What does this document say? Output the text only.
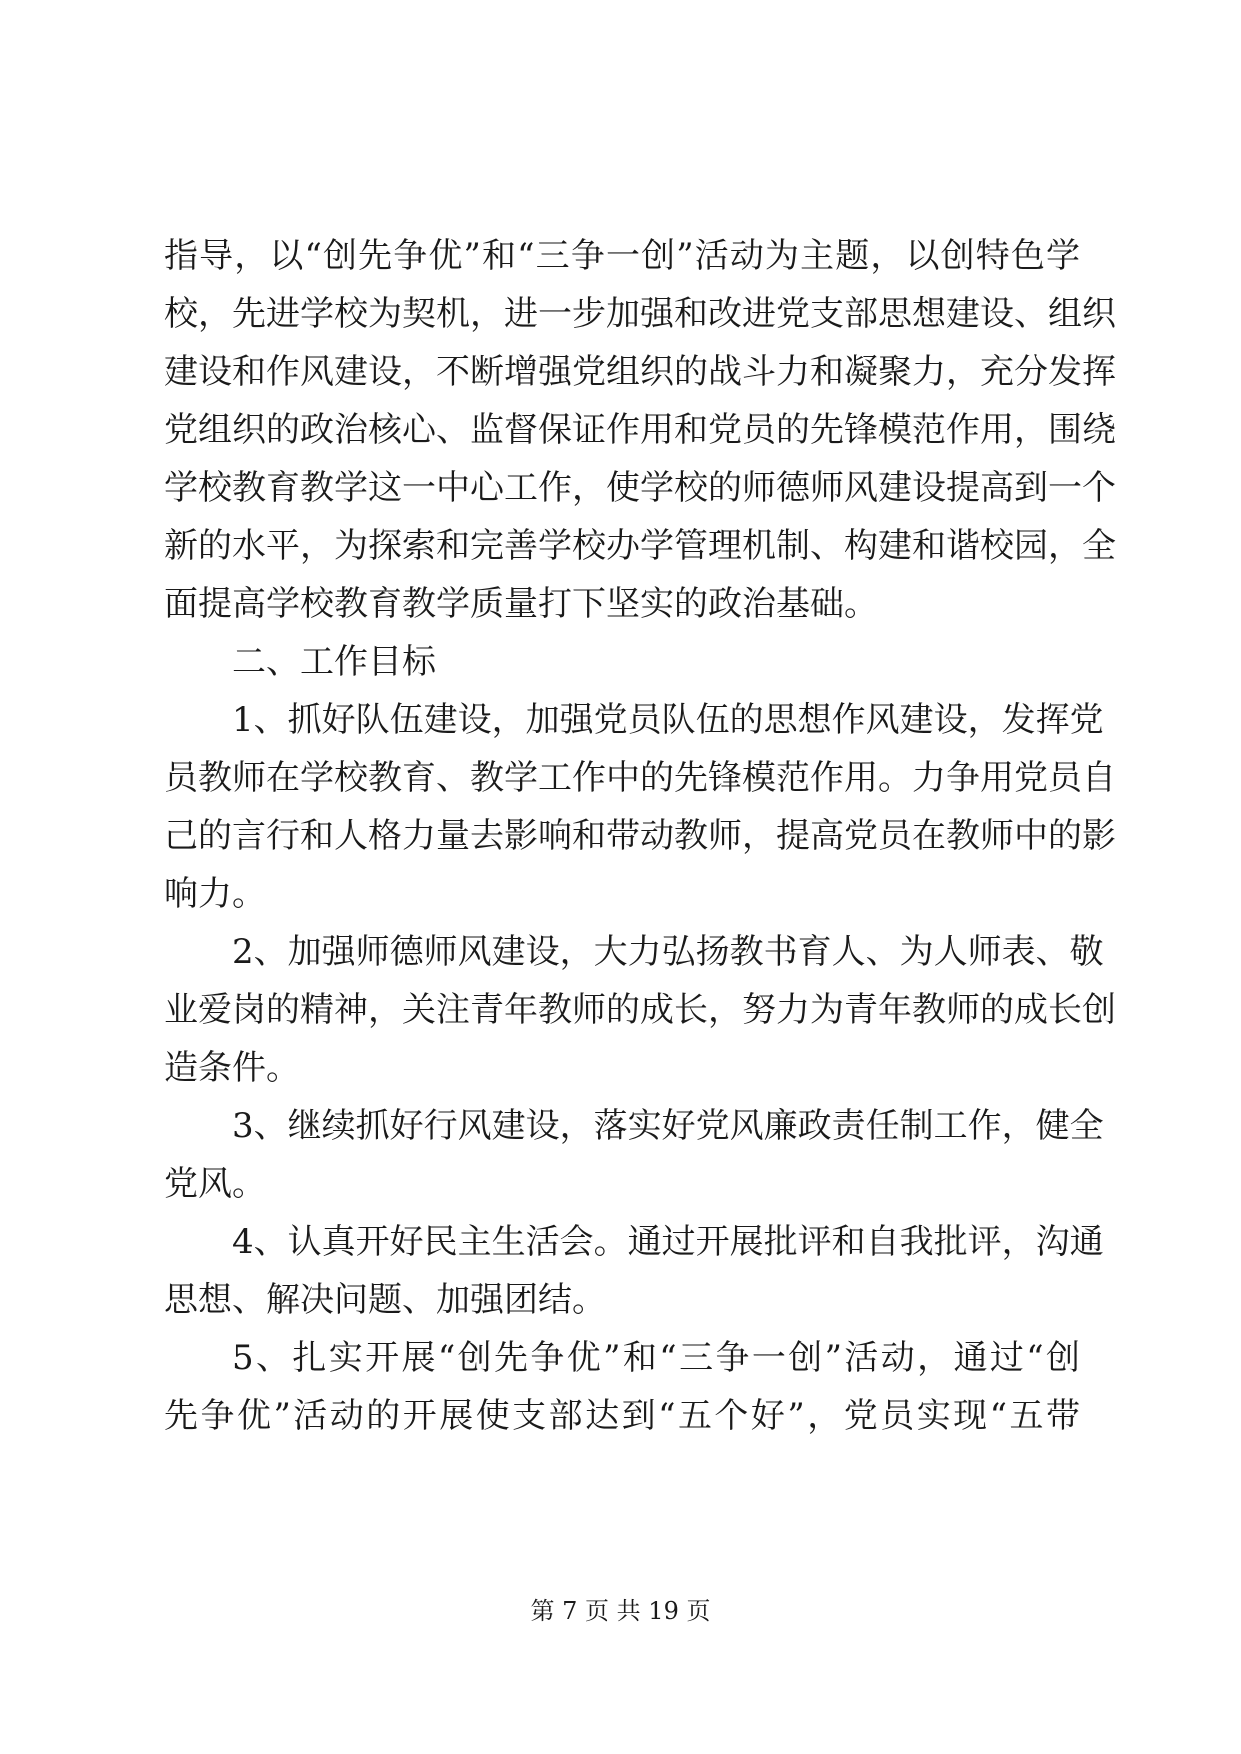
指导，以“创先争优”和“三争一创”活动为主题，以创特色学
校，先进学校为契机，进一步加强和改进党支部思想建设、组织
建设和作风建设，不断增强党组织的战斗力和凝聚力，充分发挥
党组织的政治核心、监督保证作用和党员的先锋模范作用，围绕
学校教育教学这一中心工作，使学校的师德师风建设提高到一个
新的水平，为探索和完善学校办学管理机制、构建和谐校园，全
面提高学校教育教学质量打下坚实的政治基础。
二、工作目标
1、抓好队伍建设，加强党员队伍的思想作风建设，发挥党
员教师在学校教育、教学工作中的先锋模范作用。力争用党员自
己的言行和人格力量去影响和带动教师，提高党员在教师中的影
响力。
2、加强师德师风建设，大力弘扬教书育人、为人师表、敬
业爱岗的精神，关注青年教师的成长，努力为青年教师的成长创
造条件。
3、继续抓好行风建设，落实好党风廉政责任制工作，健全
党风。
4、认真开好民主生活会。通过开展批评和自我批评，沟通
思想、解决问题、加强团结。
5、扎实开展“创先争优”和“三争一创”活动，通过“创
先争优”活动的开展使支部达到“五个好”，党员实现“五带
第 7 页 共 19 页
